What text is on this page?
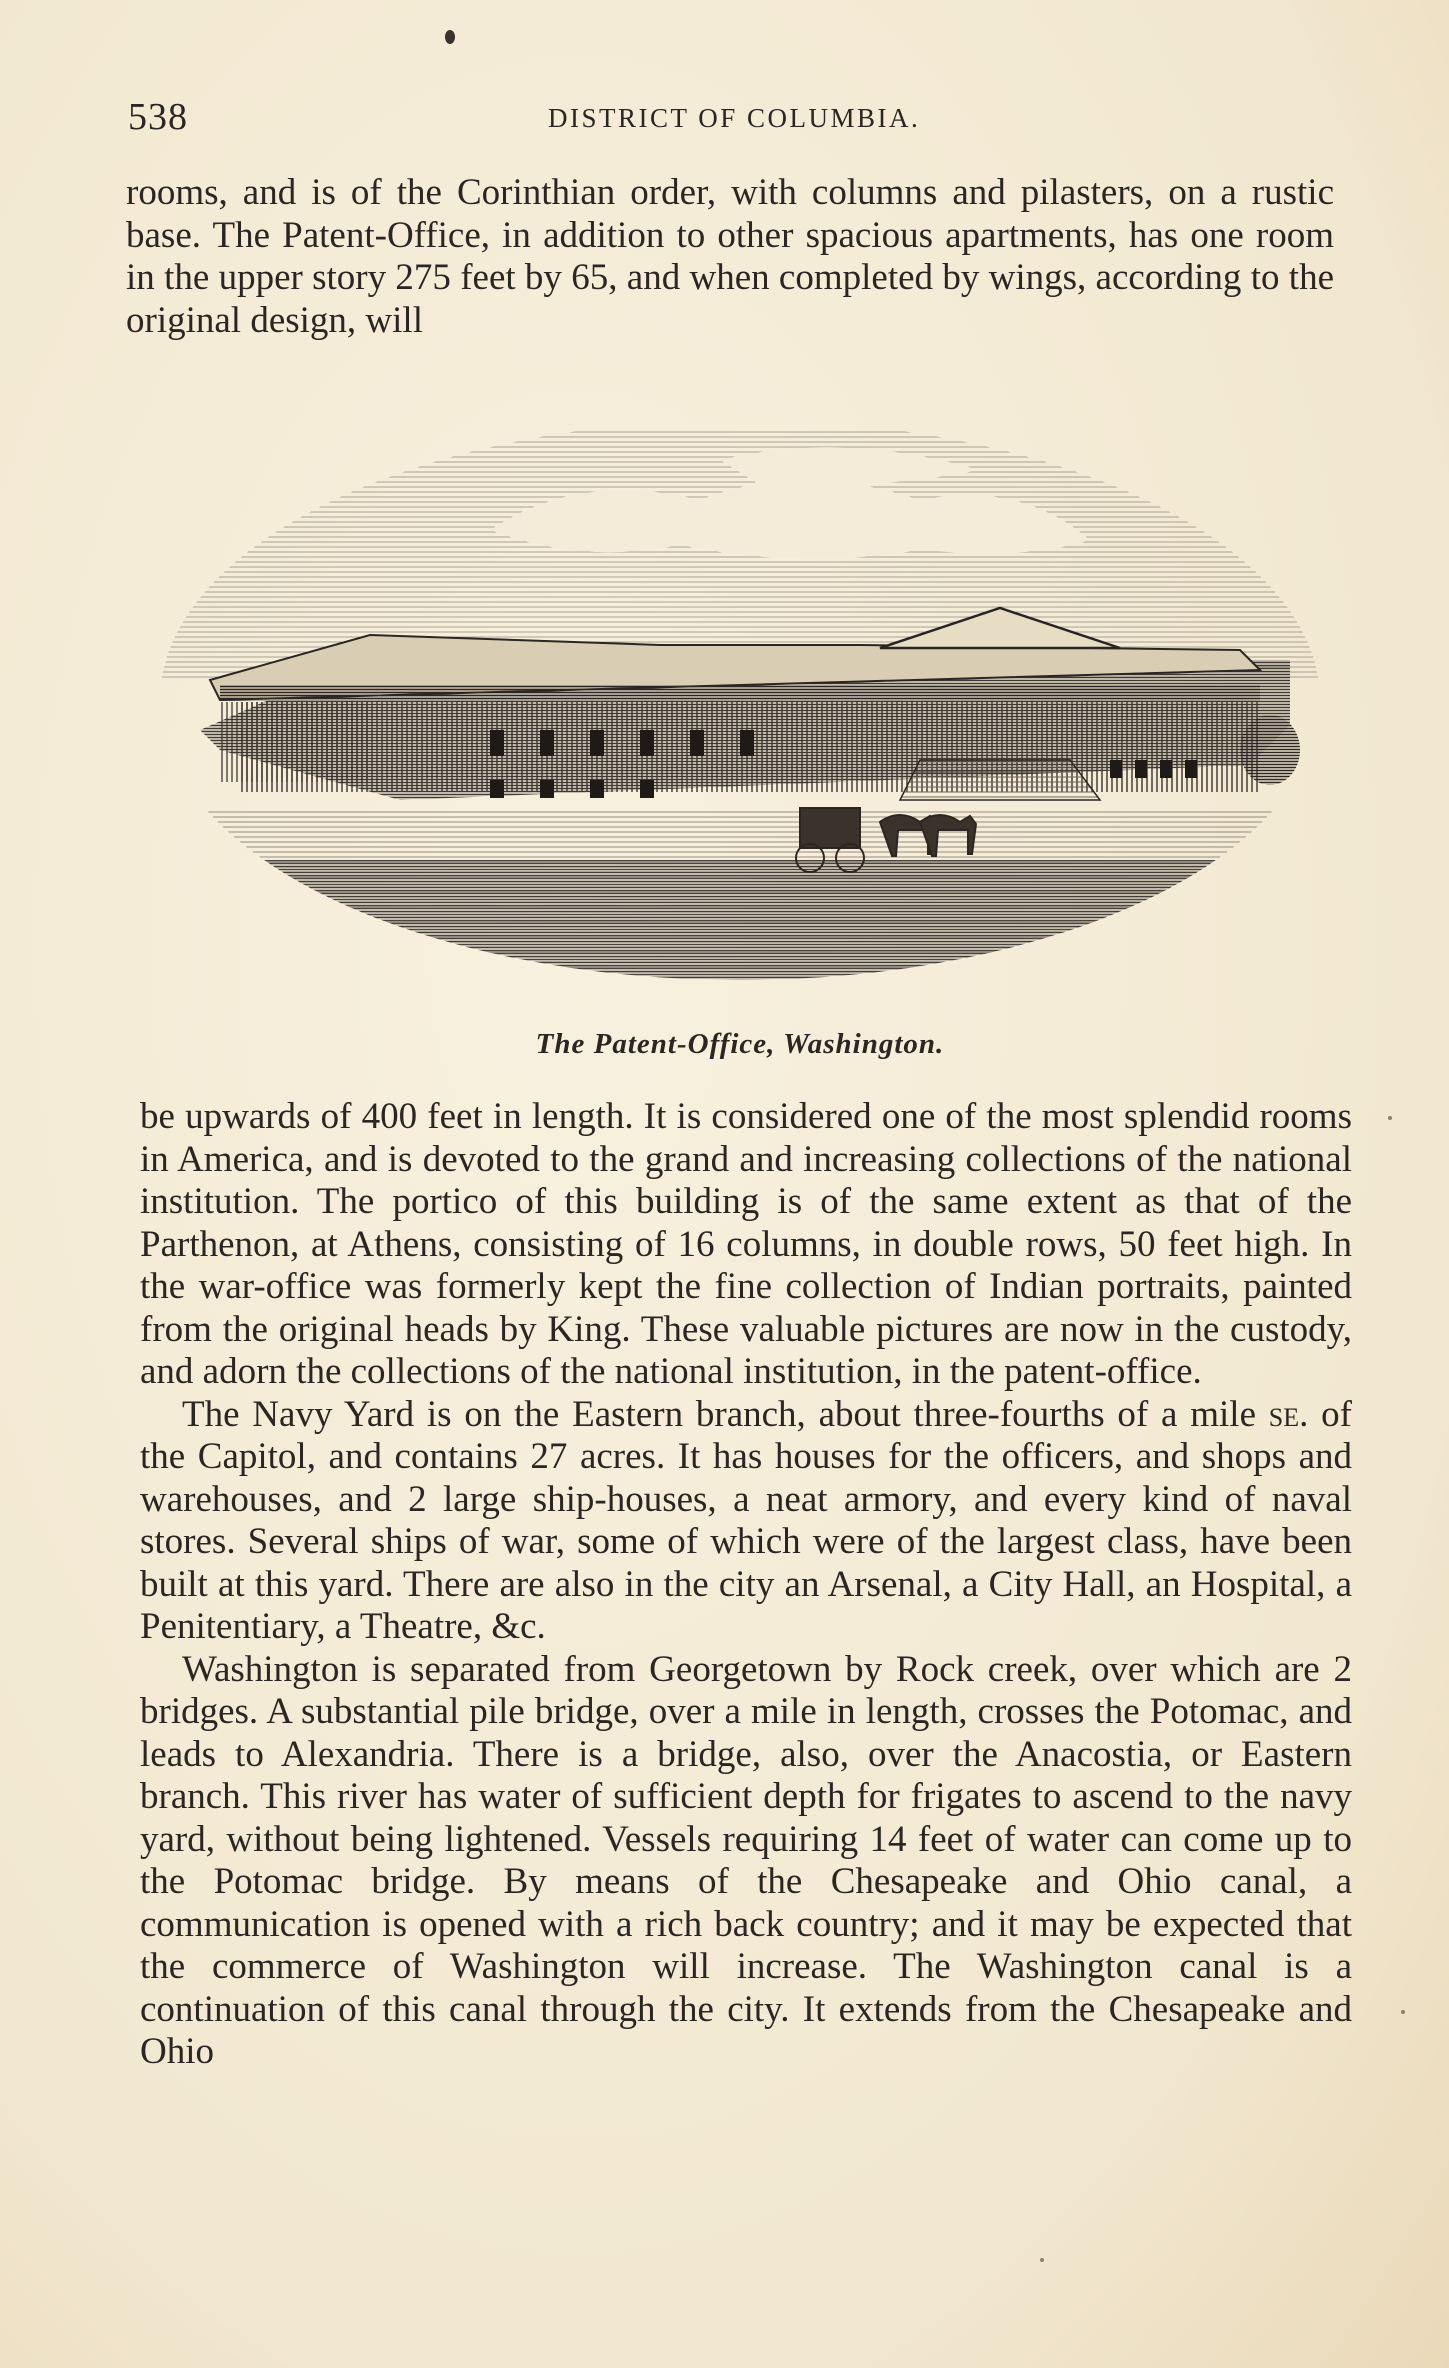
538	DISTRICT OF COLUMBIA.

rooms, and is of the Corinthian order, with columns and pilasters, on a rustic base. The Patent-Office, in addition to other spacious apartments, has one room in the upper story 275 feet by 65, and when completed by wings, according to the original design, will

The Patent-Office, Washington.

be upwards of 400 feet in length. It is considered one of the most splendid rooms in America, and is devoted to the grand and increasing collections of the national institution. The portico of this building is of the same extent as that of the Parthenon, at Athens, consisting of 16 columns, in double rows, 50 feet high. In the war-office was formerly kept the fine collection of Indian portraits, painted from the original heads by King. These valuable pictures are now in the custody, and adorn the collections of the national institution, in the patent-office.

The Navy Yard is on the Eastern branch, about three-fourths of a mile se. of the Capitol, and contains 27 acres. It has houses for the officers, and shops and warehouses, and 2 large ship-houses, a neat armory, and every kind of naval stores. Several ships of war, some of which were of the largest class, have been built at this yard. There are also in the city an Arsenal, a City Hall, an Hospital, a Penitentiary, a Theatre, &c.

Washington is separated from Georgetown by Rock creek, over which are 2 bridges. A substantial pile bridge, over a mile in length, crosses the Potomac, and leads to Alexandria. There is a bridge, also, over the Anacostia, or Eastern branch. This river has water of sufficient depth for frigates to ascend to the navy yard, without being lightened. Vessels requiring 14 feet of water can come up to the Potomac bridge. By means of the Chesapeake and Ohio canal, a communication is opened with a rich back country; and it may be expected that the commerce of Washington will increase. The Washington canal is a continuation of this canal through the city. It extends from the Chesapeake and Ohio
